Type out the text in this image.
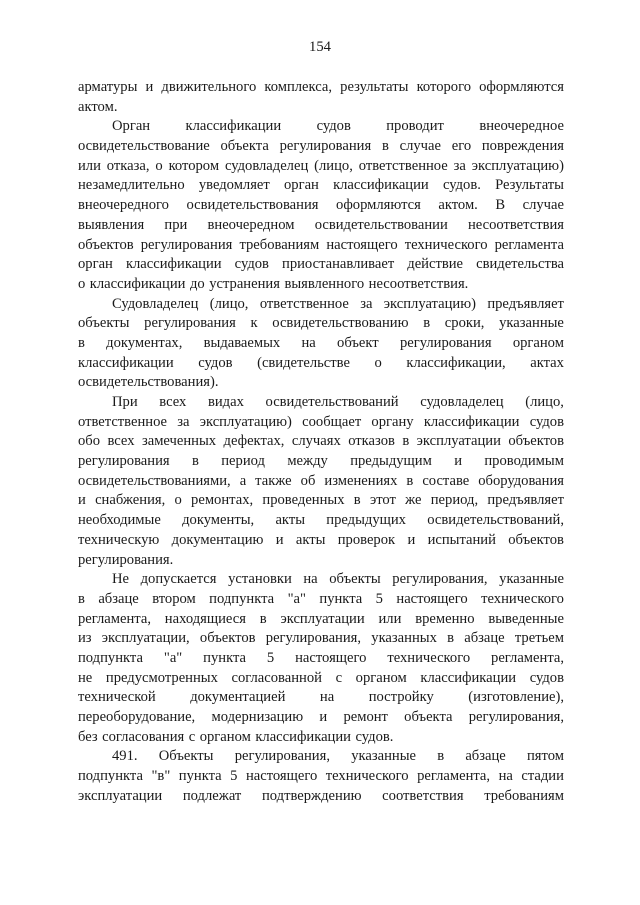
154
арматуры и движительного комплекса, результаты которого оформляются
актом.
Орган классификации судов проводит внеочередное
освидетельствование объекта регулирования в случае его повреждения
или отказа, о котором судовладелец (лицо, ответственное за эксплуатацию)
незамедлительно уведомляет орган классификации судов. Результаты
внеочередного освидетельствования оформляются актом. В случае
выявления при внеочередном освидетельствовании несоответствия
объектов регулирования требованиям настоящего технического регламента
орган классификации судов приостанавливает действие свидетельства
о классификации до устранения выявленного несоответствия.
Судовладелец (лицо, ответственное за эксплуатацию) предъявляет
объекты регулирования к освидетельствованию в сроки, указанные
в документах, выдаваемых на объект регулирования органом
классификации судов (свидетельстве о классификации, актах
освидетельствования).
При всех видах освидетельствований судовладелец (лицо,
ответственное за эксплуатацию) сообщает органу классификации судов
обо всех замеченных дефектах, случаях отказов в эксплуатации объектов
регулирования в период между предыдущим и проводимым
освидетельствованиями, а также об изменениях в составе оборудования
и снабжения, о ремонтах, проведенных в этот же период, предъявляет
необходимые документы, акты предыдущих освидетельствований,
техническую документацию и акты проверок и испытаний объектов
регулирования.
Не допускается установки на объекты регулирования, указанные
в абзаце втором подпункта "а" пункта 5 настоящего технического
регламента, находящиеся в эксплуатации или временно выведенные
из эксплуатации, объектов регулирования, указанных в абзаце третьем
подпункта "а" пункта 5 настоящего технического регламента,
не предусмотренных согласованной с органом классификации судов
технической документацией на постройку (изготовление),
переоборудование, модернизацию и ремонт объекта регулирования,
без согласования с органом классификации судов.
491. Объекты регулирования, указанные в абзаце пятом
подпункта "в" пункта 5 настоящего технического регламента, на стадии
эксплуатации подлежат подтверждению соответствия требованиям
